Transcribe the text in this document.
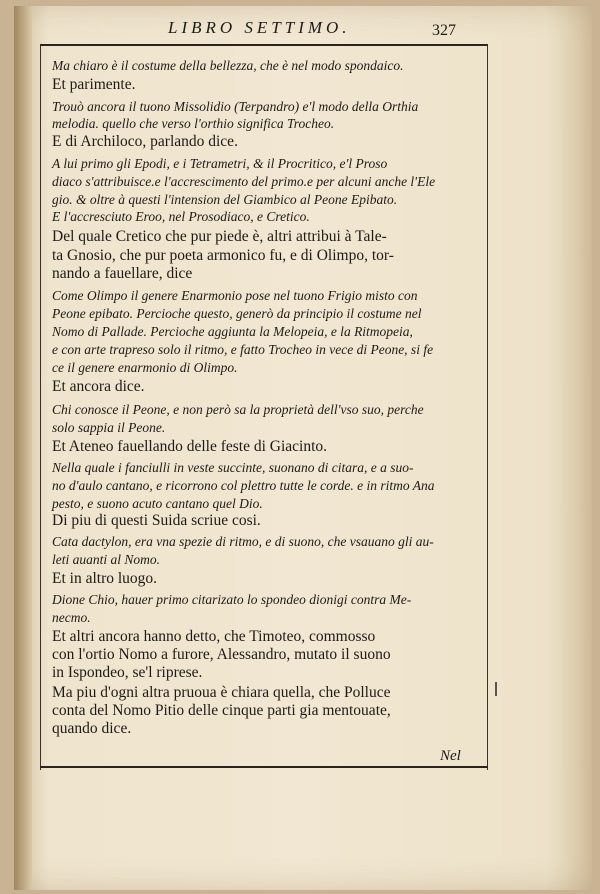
LIBRO SETTIMO.	327
Ma chiaro è il costume della bellezza, che è nel modo spondaico.
Et parimente.
Trouò ancora il tuono Missolidio (Terpandro) e'l modo della Orthia
melodia. quello che verso l'orthio significa Trocheo.
E di Archiloco, parlando dice.
A lui primo gli Epodi, e i Tetrametri, & il Procritico, e'l Proso
diaco s'attribuisce.e l'accrescimento del primo.e per alcuni anche l'Ele
gio. & oltre à questi l'intension del Giambico al Peone Epibato.
E l'accresciuto Eroo, nel Prosodiaco, e Cretico.
Del quale Cretico che pur piede è, altri attribui à Tale-
ta Gnosio, che pur poeta armonico fu, e di Olimpo, tor-
nando a fauellare, dice
Come Olimpo il genere Enarmonio pose nel tuono Frigio misto con
Peone epibato. Percioche questo, generò da principio il costume nel
Nomo di Pallade. Percioche aggiunta la Melopeia, e la Ritmopeia,
e con arte trapreso solo il ritmo, e fatto Trocheo in vece di Peone, si fe
ce il genere enarmonio di Olimpo.
Et ancora dice.
Chi conosce il Peone, e non però sa la proprietà dell'vso suo, perche
solo sappia il Peone.
Et Ateneo fauellando delle feste di Giacinto.
Nella quale i fanciulli in veste succinte, suonano di citara, e a suo-
no d'aulo cantano, e ricorrono col plettro tutte le corde. e in ritmo Ana
pesto, e suono acuto cantano quel Dio.
Di piu di questi Suida scriue cosi.
Cata dactylon, era vna spezie di ritmo, e di suono, che vsauano gli au-
leti auanti al Nomo.
Et in altro luogo.
Dione Chio, hauer primo citarizato lo spondeo dionigi contra Me-
necmo.
Et altri ancora hanno detto, che Timoteo, commosso
con l'ortio Nomo a furore, Alessandro, mutato il suono
in Ispondeo, se'l riprese.
Ma piu d'ogni altra pruoua è chiara quella, che Polluce
conta del Nomo Pitio delle cinque parti gia mentouate,
quando dice.
Nel
